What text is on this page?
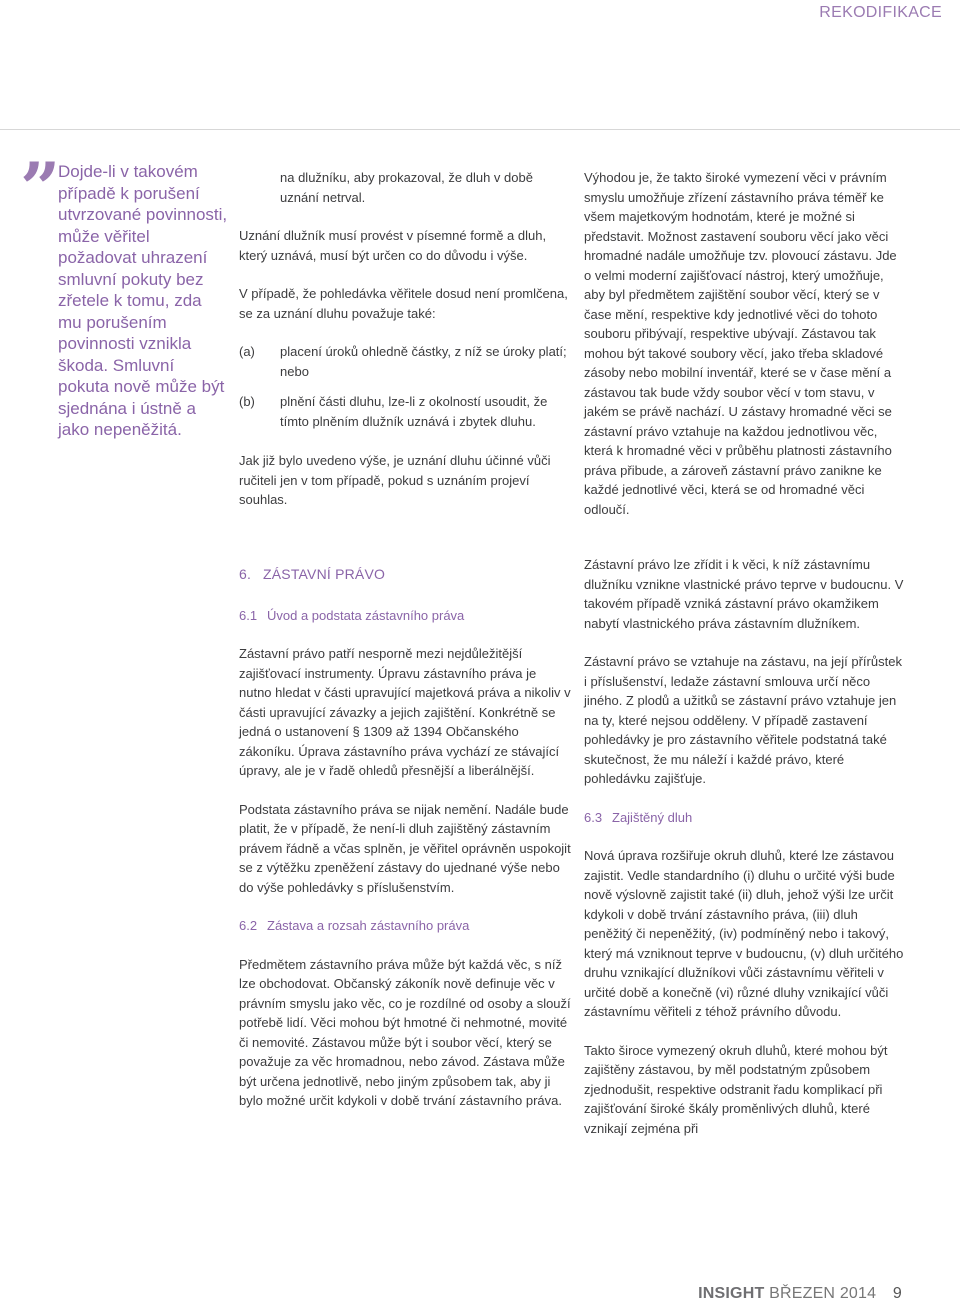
REKODIFIKACE
” Dojde-li v takovém případě k porušení utvrzované povinnosti, může věřitel požadovat uhrazení smluvní pokuty bez zřetele k tomu, zda mu porušením povinnosti vznikla škoda. Smluvní pokuta nově může být sjednána i ústně a jako nepeněžitá.

na dlužníku, aby prokazoval, že dluh v době uznání netrval.

Uznání dlužník musí provést v písemné formě a dluh, který uznává, musí být určen co do důvodu i výše.

V případě, že pohledávka věřitele dosud není promlčena, se za uznání dluhu považuje také:

(a)	placení úroků ohledně částky, z níž se úroky platí; nebo
(b)	plnění části dluhu, lze-li z okolností usoudit, že tímto plněním dlužník uznává i zbytek dluhu.

Jak již bylo uvedeno výše, je uznání dluhu účinné vůči ručiteli jen v tom případě, pokud s uznáním projeví souhlas.

6. ZÁSTAVNÍ PRÁVO
6.1 Úvod a podstata zástavního práva

Zástavní právo patří nesporně mezi nejdůležitější zajišťovací instrumenty. Úpravu zástavního práva je nutno hledat v části upravující majetková práva a nikoliv v části upravující závazky a jejich zajištění. Konkrétně se jedná o ustanovení § 1309 až 1394 Občanského zákoníku. Úprava zástavního práva vychází ze stávající úpravy, ale je v řadě ohledů přesnější a liberálnější.

Podstata zástavního práva se nijak nemění. Nadále bude platit, že v případě, že není-li dluh zajištěný zástavním právem řádně a včas splněn, je věřitel oprávněn uspokojit se z výtěžku zpeněžení zástavy do ujednané výše nebo do výše pohledávky s příslušenstvím.

6.2 Zástava a rozsah zástavního práva

Předmětem zástavního práva může být každá věc, s níž lze obchodovat. Občanský zákoník nově definuje věc v právním smyslu jako věc, co je rozdílné od osoby a slouží potřebě lidí. Věci mohou být hmotné či nehmotné, movité či nemovité. Zástavou může být i soubor věcí, který se považuje za věc hromadnou, nebo závod. Zástava může být určena jednotlivě, nebo jiným způsobem tak, aby ji bylo možné určit kdykoli v době trvání zástavního práva.

Výhodou je, že takto široké vymezení věci v právním smyslu umožňuje zřízení zástavního práva téměř ke všem majetkovým hodnotám, které je možné si představit. Možnost zastavení souboru věcí jako věci hromadné nadále umožňuje tzv. plovoucí zástavu. Jde o velmi moderní zajišťovací nástroj, který umožňuje, aby byl předmětem zajištění soubor věcí, který se v čase mění, respektive kdy jednotlivé věci do tohoto souboru přibývají, respektive ubývají. Zástavou tak mohou být takové soubory věcí, jako třeba skladové zásoby nebo mobilní inventář, které se v čase mění a zástavou tak bude vždy soubor věcí v tom stavu, v jakém se právě nachází. U zástavy hromadné věci se zástavní právo vztahuje na každou jednotlivou věc, která k hromadné věci v průběhu platnosti zástavního práva přibude, a zároveň zástavní právo zanikne ke každé jednotlivé věci, která se od hromadné věci odloučí.

Zástavní právo lze zřídit i k věci, k níž zástavnímu dlužníku vznikne vlastnické právo teprve v budoucnu. V takovém případě vzniká zástavní právo okamžikem nabytí vlastnického práva zástavním dlužníkem.

Zástavní právo se vztahuje na zástavu, na její přírůstek i příslušenství, ledaže zástavní smlouva určí něco jiného. Z plodů a užitků se zástavní právo vztahuje jen na ty, které nejsou odděleny. V případě zastavení pohledávky je pro zástavního věřitele podstatná také skutečnost, že mu náleží i každé právo, které pohledávku zajišťuje.

6.3 Zajištěný dluh

Nová úprava rozšiřuje okruh dluhů, které lze zástavou zajistit. Vedle standardního (i) dluhu o určité výši bude nově výslovně zajistit také (ii) dluh, jehož výši lze určit kdykoli v době trvání zástavního práva, (iii) dluh peněžitý či nepeněžitý, (iv) podmíněný nebo i takový, který má vzniknout teprve v budoucnu, (v) dluh určitého druhu vznikající dlužníkovi vůči zástavnímu věřiteli v určité době a konečně (vi) různé dluhy vznikající vůči zástavnímu věřiteli z téhož právního důvodu.

Takto široce vymezený okruh dluhů, které mohou být zajištěny zástavou, by měl podstatným způsobem zjednodušit, respektive odstranit řadu komplikací při zajišťování široké škály proměnlivých dluhů, které vznikají zejména při

INSIGHT BŘEZEN 2014 9
